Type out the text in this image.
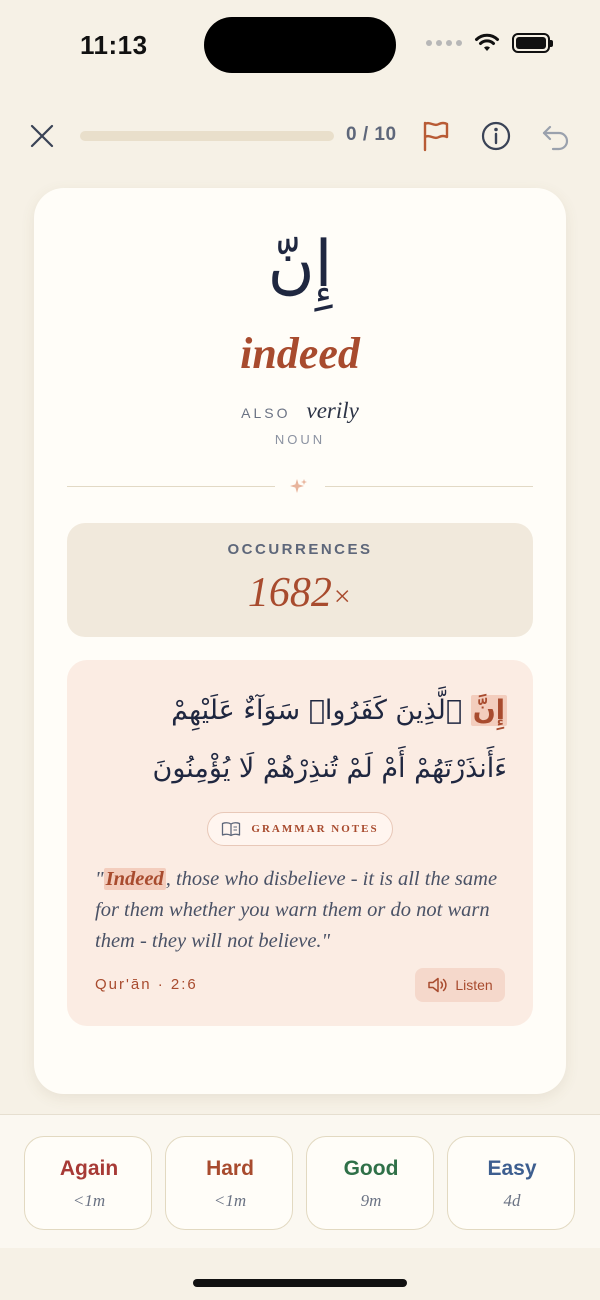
11:13
0 / 10
إِنّ
indeed
ALSO verily
NOUN
OCCURRENCES
1682×
إِنَّ ٱلَّذِينَ كَفَرُوا۟ سَوَآءٌ عَلَيْهِمْ ءَأَنذَرْتَهُمْ أَمْ لَمْ تُنذِرْهُمْ لَا يُؤْمِنُونَ
GRAMMAR NOTES
"Indeed, those who disbelieve - it is all the same for them whether you warn them or do not warn them - they will not believe."
Qur'ān · 2:6	Listen
Again
<1m
Hard
<1m
Good
9m
Easy
4d
